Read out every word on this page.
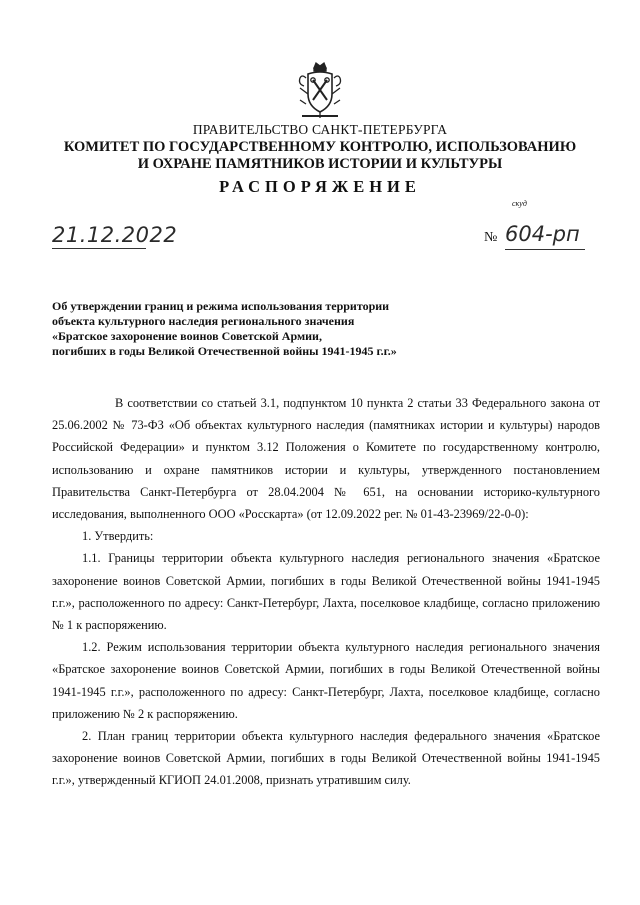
ПРАВИТЕЛЬСТВО САНКТ-ПЕТЕРБУРГА
КОМИТЕТ ПО ГОСУДАРСТВЕННОМУ КОНТРОЛЮ, ИСПОЛЬЗОВАНИЮ
И ОХРАНЕ ПАМЯТНИКОВ ИСТОРИИ И КУЛЬТУРЫ
РАСПОРЯЖЕНИЕ
скуд
21.12.2022	№ 604-рп
Об утверждении границ и режима использования территории
объекта культурного наследия регионального значения
«Братское захоронение воинов Советской Армии,
погибших в годы Великой Отечественной войны 1941-1945 г.г.»

В соответствии со статьей 3.1, подпунктом 10 пункта 2 статьи 33 Федерального закона от 25.06.2002 № 73-ФЗ «Об объектах культурного наследия (памятниках истории и культуры) народов Российской Федерации» и пунктом 3.12 Положения о Комитете по государственному контролю, использованию и охране памятников истории и культуры, утвержденного постановлением Правительства Санкт-Петербурга от 28.04.2004 № 651, на основании историко-культурного исследования, выполненного ООО «Росскарта» (от 12.09.2022 рег. № 01-43-23969/22-0-0):

1. Утвердить:

1.1. Границы территории объекта культурного наследия регионального значения «Братское захоронение воинов Советской Армии, погибших в годы Великой Отечественной войны 1941-1945 г.г.», расположенного по адресу: Санкт-Петербург, Лахта, поселковое кладбище, согласно приложению № 1 к распоряжению.

1.2. Режим использования территории объекта культурного наследия регионального значения «Братское захоронение воинов Советской Армии, погибших в годы Великой Отечественной войны 1941-1945 г.г.», расположенного по адресу: Санкт-Петербург, Лахта, поселковое кладбище, согласно приложению № 2 к распоряжению.

2. План границ территории объекта культурного наследия федерального значения «Братское захоронение воинов Советской Армии, погибших в годы Великой Отечественной войны 1941-1945 г.г.», утвержденный КГИОП 24.01.2008, признать утратившим силу.
